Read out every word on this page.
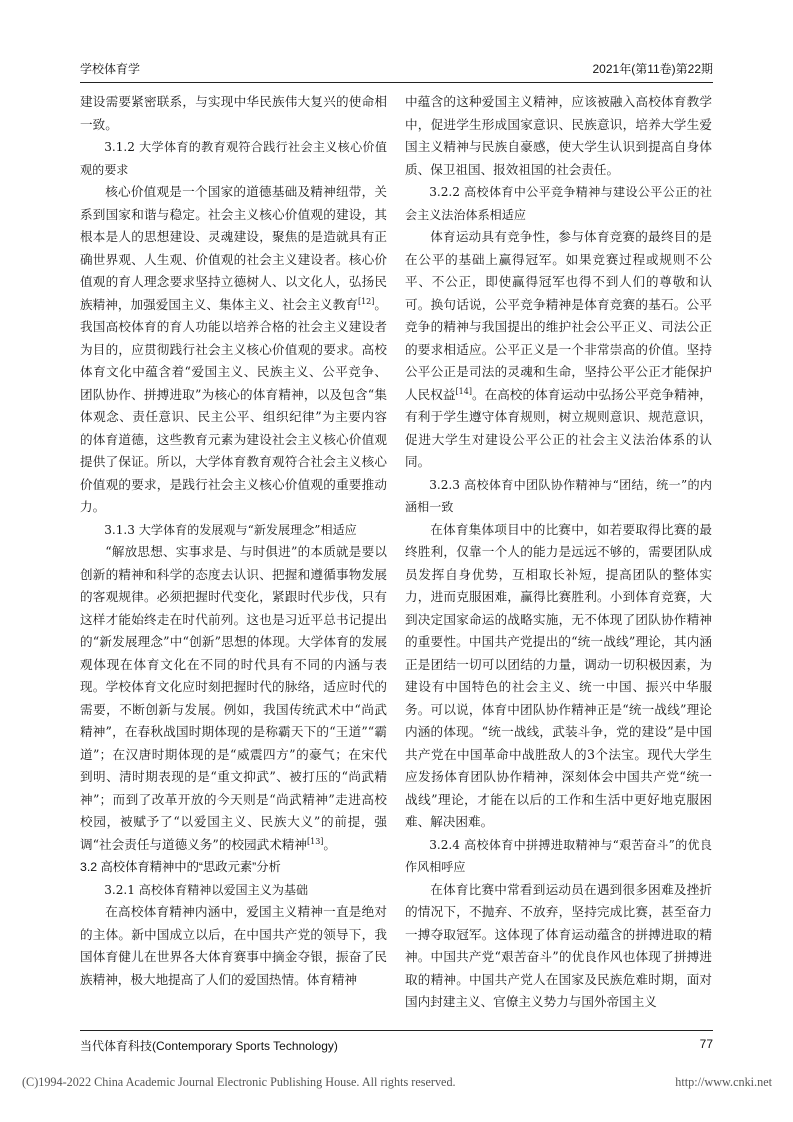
学校体育学	2021年(第11卷)第22期

建设需要紧密联系，与实现中华民族伟大复兴的使命相一致。

3.1.2 大学体育的教育观符合践行社会主义核心价值观的要求

核心价值观是一个国家的道德基础及精神纽带，关系到国家和谐与稳定。社会主义核心价值观的建设，其根本是人的思想建设、灵魂建设，聚焦的是造就具有正确世界观、人生观、价值观的社会主义建设者。核心价值观的育人理念要求坚持立德树人、以文化人，弘扬民族精神，加强爱国主义、集体主义、社会主义教育[12]。我国高校体育的育人功能以培养合格的社会主义建设者为目的，应贯彻践行社会主义核心价值观的要求。高校体育文化中蕴含着“爱国主义、民族主义、公平竞争、团队协作、拼搏进取”为核心的体育精神，以及包含“集体观念、责任意识、民主公平、组织纪律”为主要内容的体育道德，这些教育元素为建设社会主义核心价值观提供了保证。所以，大学体育教育观符合社会主义核心价值观的要求，是践行社会主义核心价值观的重要推动力。

3.1.3 大学体育的发展观与“新发展理念”相适应

“解放思想、实事求是、与时俱进”的本质就是要以创新的精神和科学的态度去认识、把握和遵循事物发展的客观规律。必须把握时代变化，紧跟时代步伐，只有这样才能始终走在时代前列。这也是习近平总书记提出的“新发展理念”中“创新”思想的体现。大学体育的发展观体现在体育文化在不同的时代具有不同的内涵与表现。学校体育文化应时刻把握时代的脉络，适应时代的需要，不断创新与发展。例如，我国传统武术中“尚武精神”，在春秋战国时期体现的是称霸天下的“王道”“霸道”；在汉唐时期体现的是“威震四方”的豪气；在宋代到明、清时期表现的是“重文抑武”、被打压的“尚武精神”；而到了改革开放的今天则是“尚武精神”走进高校校园，被赋予了“以爱国主义、民族大义”的前提，强调“社会责任与道德义务”的校园武术精神[13]。

3.2 高校体育精神中的“思政元素”分析

3.2.1 高校体育精神以爱国主义为基础

在高校体育精神内涵中，爱国主义精神一直是绝对的主体。新中国成立以后，在中国共产党的领导下，我国体育健儿在世界各大体育赛事中摘金夺银，振奋了民族精神，极大地提高了人们的爱国热情。体育精神

中蕴含的这种爱国主义精神，应该被融入高校体育教学中，促进学生形成国家意识、民族意识，培养大学生爱国主义精神与民族自豪感，使大学生认识到提高自身体质、保卫祖国、报效祖国的社会责任。

3.2.2 高校体育中公平竞争精神与建设公平公正的社会主义法治体系相适应

体育运动具有竞争性，参与体育竞赛的最终目的是在公平的基础上赢得冠军。如果竞赛过程或规则不公平、不公正，即使赢得冠军也得不到人们的尊敬和认可。换句话说，公平竞争精神是体育竞赛的基石。公平竞争的精神与我国提出的维护社会公平正义、司法公正的要求相适应。公平正义是一个非常崇高的价值。坚持公平公正是司法的灵魂和生命，坚持公平公正才能保护人民权益[14]。在高校的体育运动中弘扬公平竞争精神，有利于学生遵守体育规则，树立规则意识、规范意识，促进大学生对建设公平公正的社会主义法治体系的认同。

3.2.3 高校体育中团队协作精神与“团结，统一”的内涵相一致

在体育集体项目中的比赛中，如若要取得比赛的最终胜利，仅靠一个人的能力是远远不够的，需要团队成员发挥自身优势，互相取长补短，提高团队的整体实力，进而克服困难，赢得比赛胜利。小到体育竞赛，大到决定国家命运的战略实施，无不体现了团队协作精神的重要性。中国共产党提出的“统一战线”理论，其内涵正是团结一切可以团结的力量，调动一切积极因素，为建设有中国特色的社会主义、统一中国、振兴中华服务。可以说，体育中团队协作精神正是“统一战线”理论内涵的体现。“统一战线，武装斗争，党的建设”是中国共产党在中国革命中战胜敌人的3个法宝。现代大学生应发扬体育团队协作精神，深刻体会中国共产党“统一战线”理论，才能在以后的工作和生活中更好地克服困难、解决困难。

3.2.4 高校体育中拼搏进取精神与“艰苦奋斗”的优良作风相呼应

在体育比赛中常看到运动员在遇到很多困难及挫折的情况下，不抛弃、不放弃，坚持完成比赛，甚至奋力一搏夺取冠军。这体现了体育运动蕴含的拼搏进取的精神。中国共产党“艰苦奋斗”的优良作风也体现了拼搏进取的精神。中国共产党人在国家及民族危难时期，面对国内封建主义、官僚主义势力与国外帝国主义

当代体育科技(Contemporary Sports Technology)	77
(C)1994-2022 China Academic Journal Electronic Publishing House. All rights reserved.	http://www.cnki.net
